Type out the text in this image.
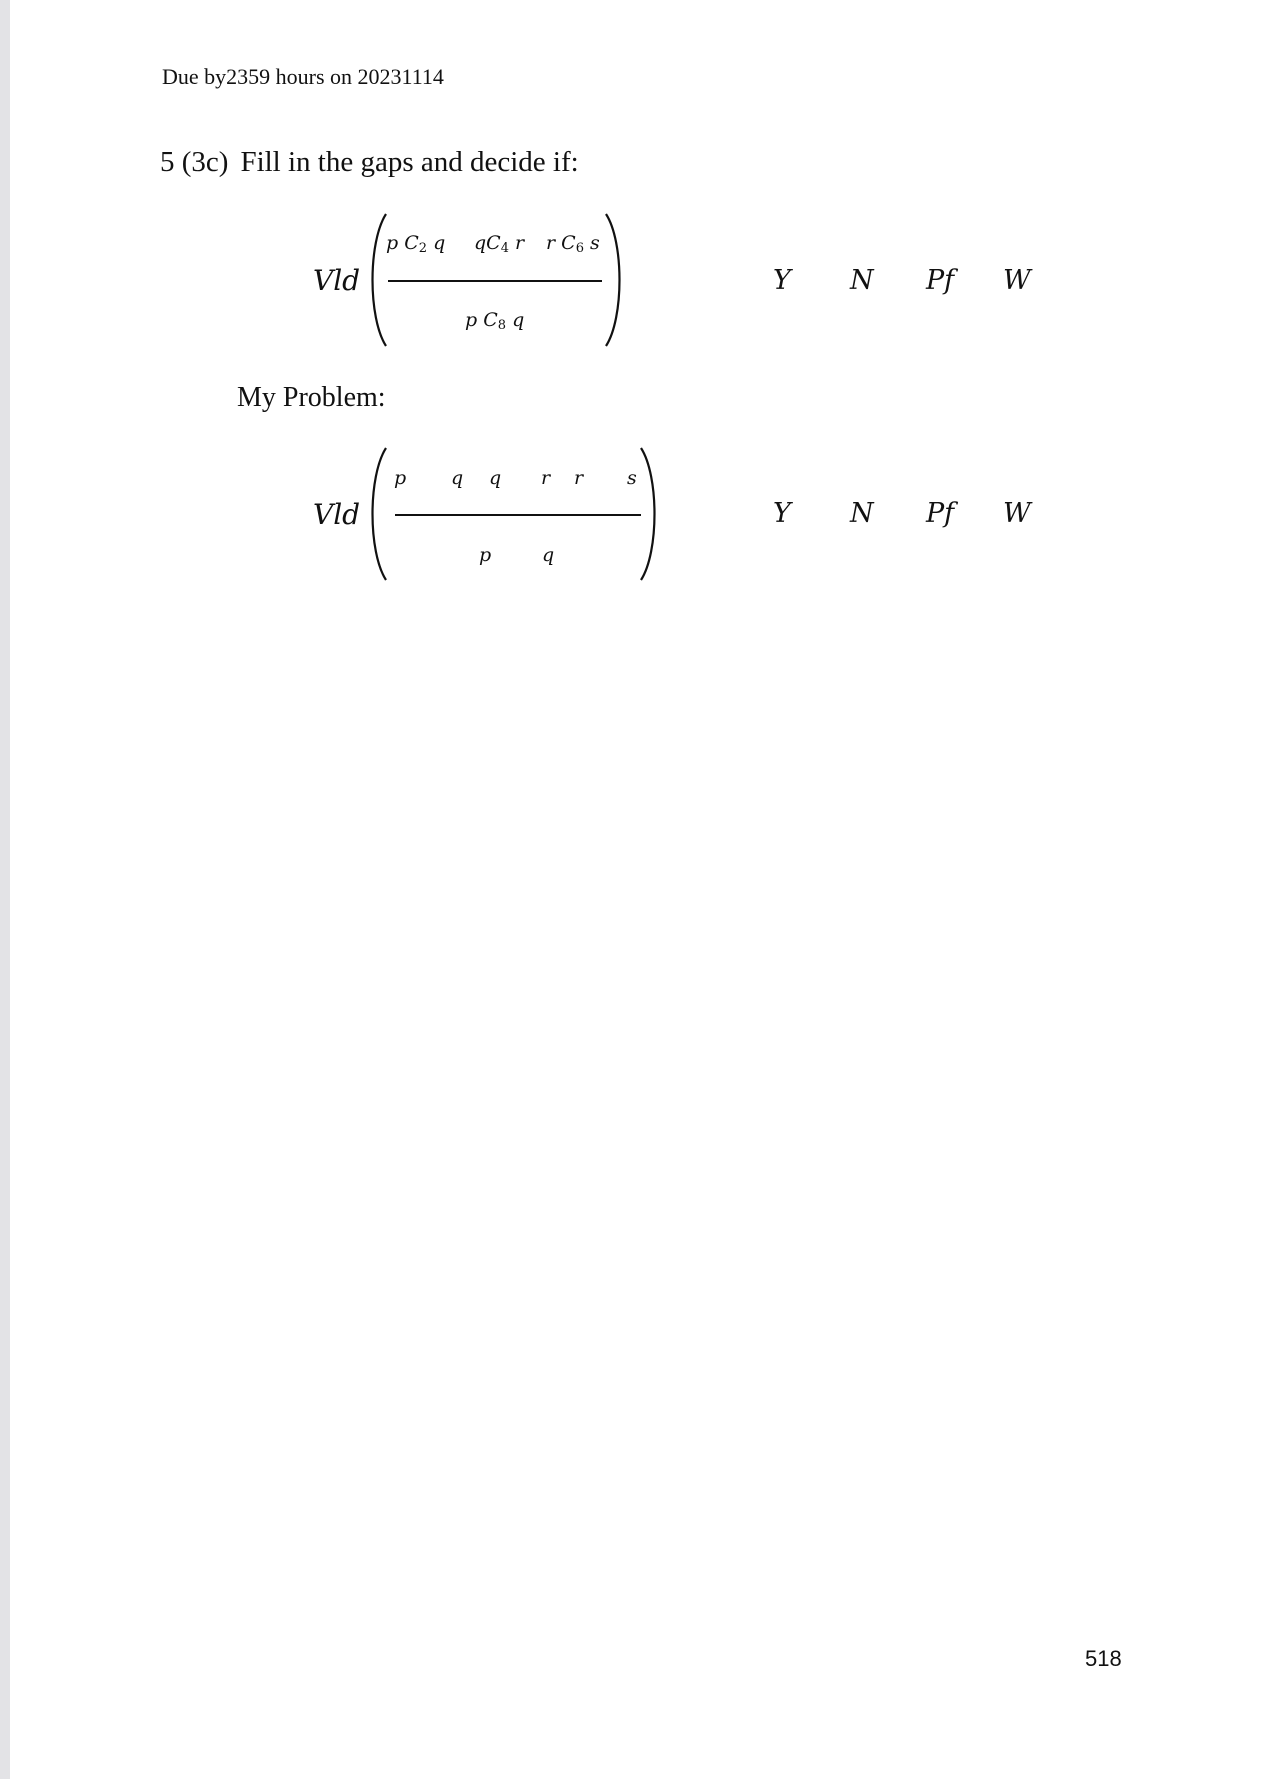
Due by2359 hours on 20231114
5 (3c) Fill in the gaps and decide if:
Vld
p $C_2$ q $qC_4$ r r $C_6$ s
p $C_8$ q
Y N Pf W
My Problem:
Vld
p q q r r s
p	q
Y N Pf W
518
